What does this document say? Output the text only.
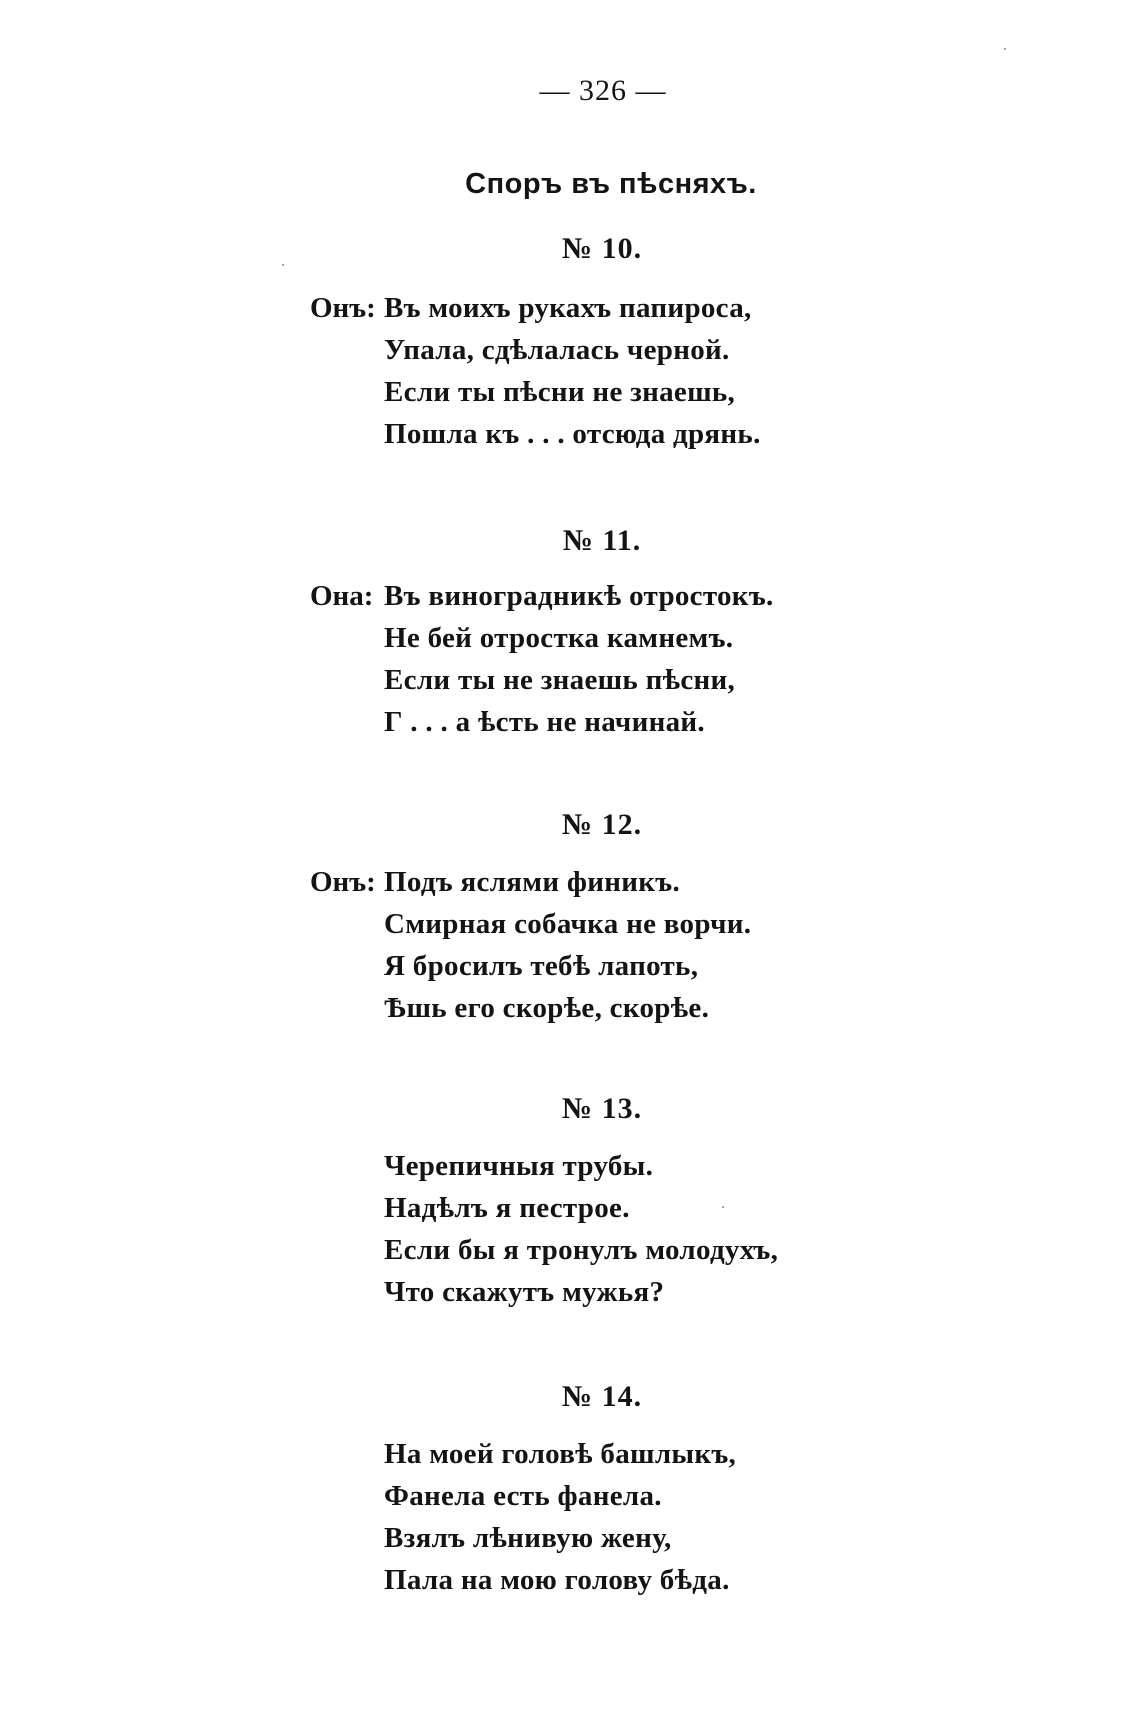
— 326 —
Споръ въ пѣсняхъ.
№ 10.
Онъ: Въ моихъ рукахъ папироса,
Упала, сдѣлалась черной.
Если ты пѣсни не знаешь,
Пошла къ . . . отсюда дрянь.
№ 11.
Она: Въ виноградникѣ отростокъ.
Не бей отростка камнемъ.
Если ты не знаешь пѣсни,
Г . . . а ѣсть не начинай.
№ 12.
Онъ: Подъ яслями финикъ.
Смирная собачка не ворчи.
Я бросилъ тебѣ лапоть,
Ѣшь его скорѣе, скорѣе.
№ 13.
Черепичныя трубы.
Надѣлъ я пестрое.
Если бы я тронулъ молодухъ,
Что скажутъ мужья?
№ 14.
На моей головѣ башлыкъ,
Фанела есть фанела.
Взялъ лѣнивую жену,
Пала на мою голову бѣда.
